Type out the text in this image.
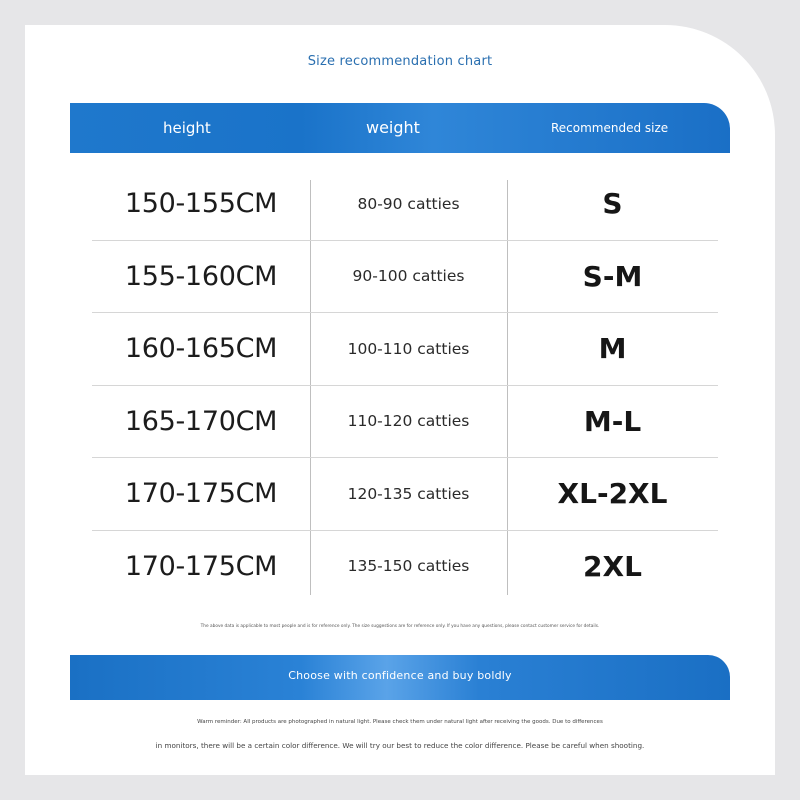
Size recommendation chart
height	weight	Recommended size
150-155CM	80-90 catties	S
155-160CM	90-100 catties	S-M
160-165CM	100-110 catties	M
165-170CM	110-120 catties	M-L
170-175CM	120-135 catties	XL-2XL
170-175CM	135-150 catties	2XL
The above data is applicable to most people and is for reference only. The size suggestions are for reference only. If you have any questions, please contact customer service for details.
Choose with confidence and buy boldly
Warm reminder: All products are photographed in natural light. Please check them under natural light after receiving the goods. Due to differences
in monitors, there will be a certain color difference. We will try our best to reduce the color difference. Please be careful when shooting.
